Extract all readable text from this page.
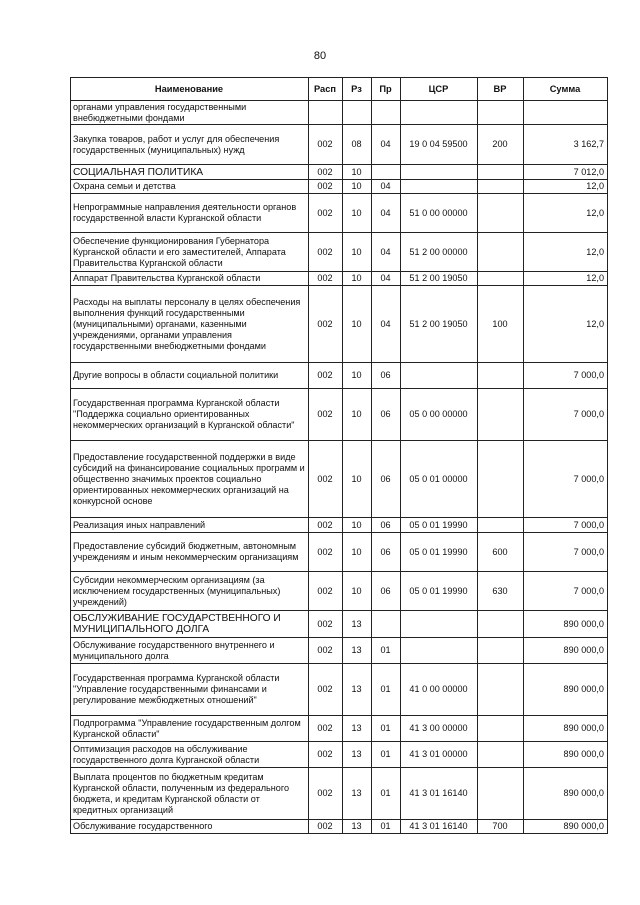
80
Наименование	Расп	Рз	Пр	ЦСР	ВР	Сумма
органами управления государственными внебюджетными фондами						
Закупка товаров, работ и услуг для обеспечения государственных (муниципальных) нужд	002	08	04	19 0 04 59500	200	3 162,7
СОЦИАЛЬНАЯ ПОЛИТИКА	002	10				7 012,0
Охрана семьи и детства	002	10	04			12,0
Непрограммные направления деятельности органов государственной власти Курганской области	002	10	04	51 0 00 00000		12,0
Обеспечение функционирования Губернатора Курганской области и его заместителей, Аппарата Правительства Курганской области	002	10	04	51 2 00 00000		12,0
Аппарат Правительства Курганской области	002	10	04	51 2 00 19050		12,0
Расходы на выплаты персоналу в целях обеспечения выполнения функций государственными (муниципальными) органами, казенными учреждениями, органами управления государственными внебюджетными фондами	002	10	04	51 2 00 19050	100	12,0
Другие вопросы в области социальной политики	002	10	06			7 000,0
Государственная программа Курганской области "Поддержка социально ориентированных некоммерческих организаций в Курганской области"	002	10	06	05 0 00 00000		7 000,0
Предоставление государственной поддержки в виде субсидий на финансирование социальных программ и общественно значимых проектов социально ориентированных некоммерческих организаций на конкурсной основе	002	10	06	05 0 01 00000		7 000,0
Реализация иных направлений	002	10	06	05 0 01 19990		7 000,0
Предоставление субсидий бюджетным, автономным учреждениям и иным некоммерческим организациям	002	10	06	05 0 01 19990	600	7 000,0
Субсидии некоммерческим организациям (за исключением государственных (муниципальных) учреждений)	002	10	06	05 0 01 19990	630	7 000,0
ОБСЛУЖИВАНИЕ ГОСУДАРСТВЕННОГО И МУНИЦИПАЛЬНОГО ДОЛГА	002	13				890 000,0
Обслуживание государственного внутреннего и муниципального долга	002	13	01			890 000,0
Государственная программа Курганской области "Управление государственными финансами и регулирование межбюджетных отношений"	002	13	01	41 0 00 00000		890 000,0
Подпрограмма "Управление государственным долгом Курганской области"	002	13	01	41 3 00 00000		890 000,0
Оптимизация расходов на обслуживание государственного долга Курганской области	002	13	01	41 3 01 00000		890 000,0
Выплата процентов по бюджетным кредитам Курганской области, полученным из федерального бюджета, и кредитам Курганской области от кредитных организаций	002	13	01	41 3 01 16140		890 000,0
Обслуживание государственного	002	13	01	41 3 01 16140	700	890 000,0
